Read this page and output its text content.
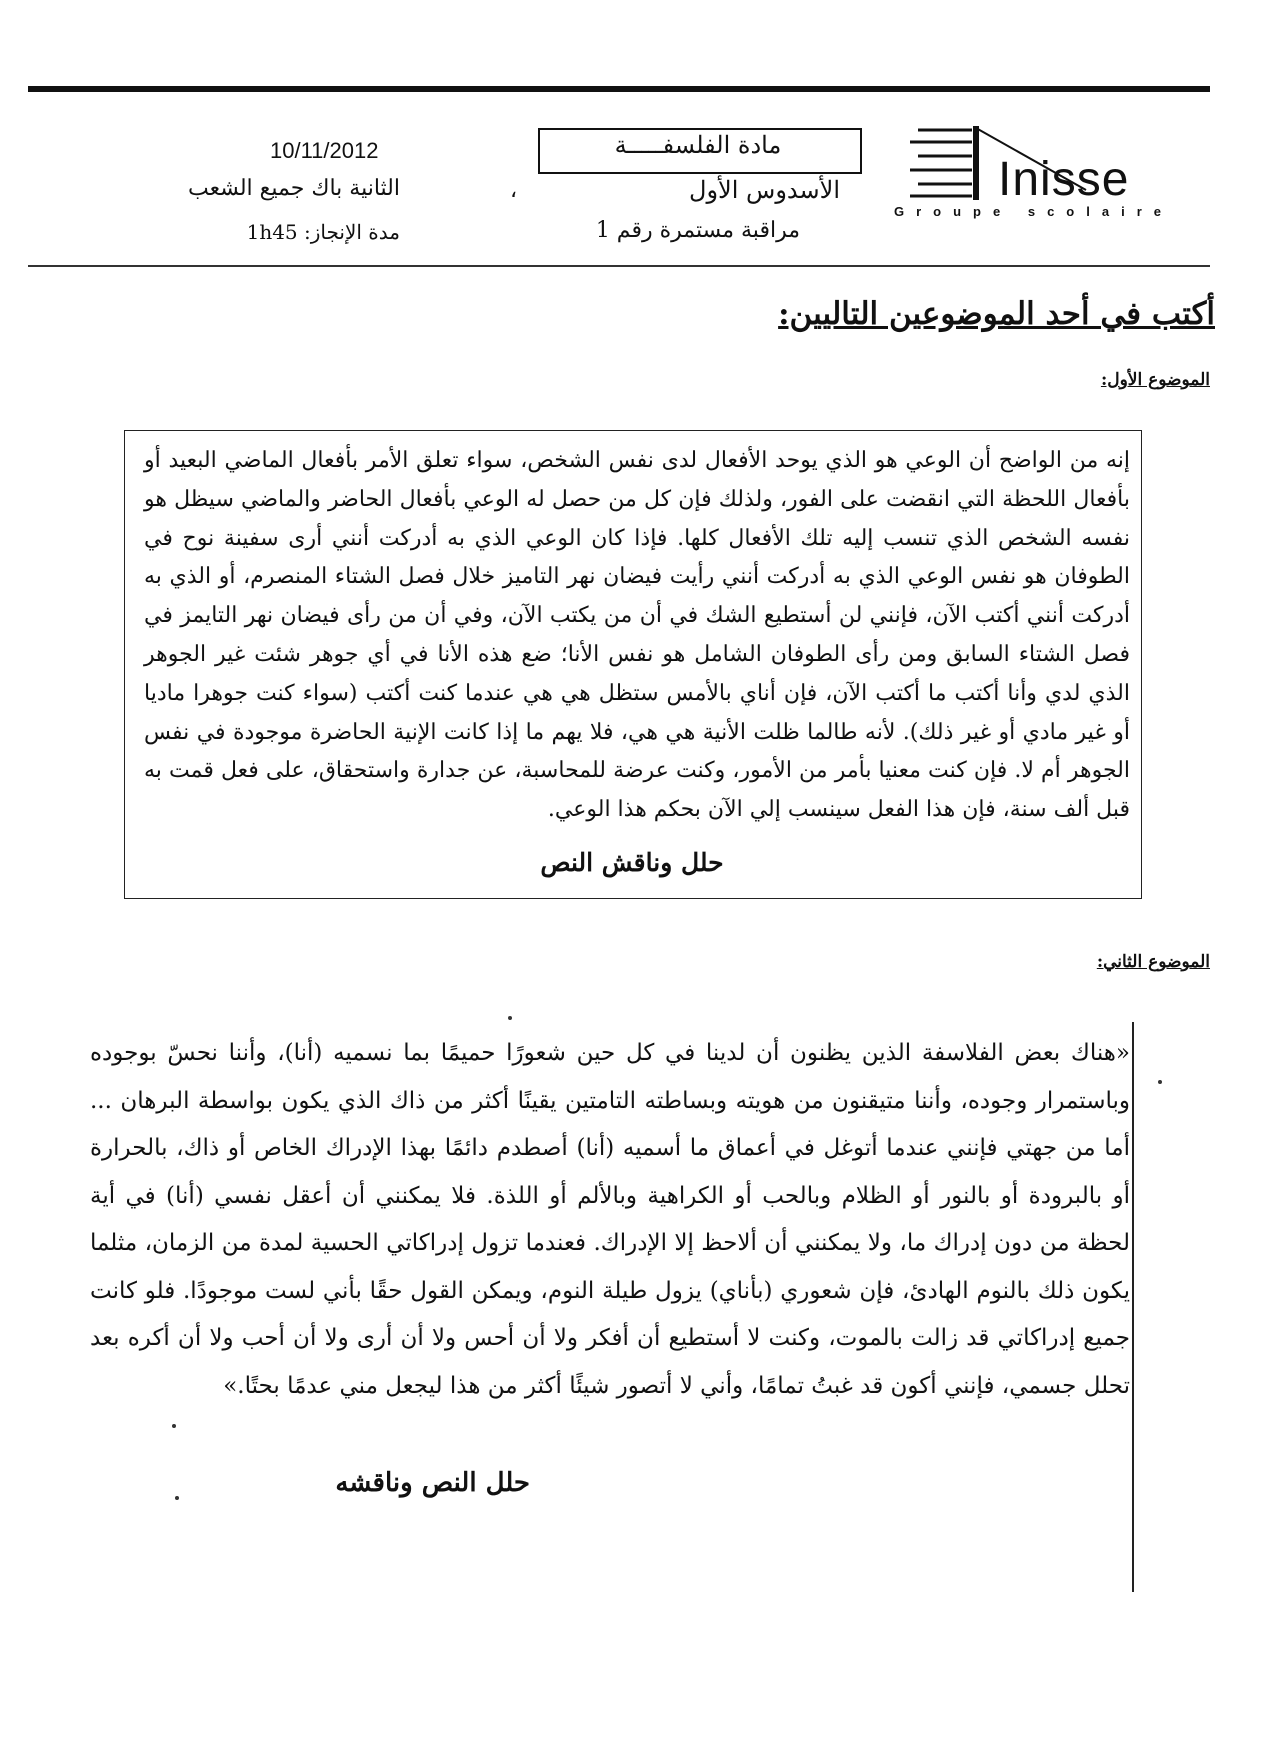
Inisse
Groupe scolaire
مادة الفلسفـــــة
الأسدوس الأول
،
مراقبة مستمرة رقم 1
10/11/2012
الثانية باك جميع الشعب
مدة الإنجاز: 1h45
أكتب في أحد الموضوعين التاليين:
الموضوع الأول:
إنه من الواضح أن الوعي هو الذي يوحد الأفعال لدى نفس الشخص، سواء تعلق الأمر بأفعال الماضي البعيد أو بأفعال اللحظة التي انقضت على الفور، ولذلك فإن كل من حصل له الوعي بأفعال الحاضر والماضي سيظل هو نفسه الشخص الذي تنسب إليه تلك الأفعال كلها. فإذا كان الوعي الذي به أدركت أنني أرى سفينة نوح في الطوفان هو نفس الوعي الذي به أدركت أنني رأيت فيضان نهر التاميز خلال فصل الشتاء المنصرم، أو الذي به أدركت أنني أكتب الآن، فإنني لن أستطيع الشك في أن من يكتب الآن، وفي أن من رأى فيضان نهر التايمز في فصل الشتاء السابق ومن رأى الطوفان الشامل هو نفس الأنا؛ ضع هذه الأنا في أي جوهر شئت غير الجوهر الذي لدي وأنا أكتب ما أكتب الآن، فإن أناي بالأمس ستظل هي هي عندما كنت أكتب (سواء كنت جوهرا ماديا أو غير مادي أو غير ذلك). لأنه طالما ظلت الأنية هي هي، فلا يهم ما إذا كانت الإنية الحاضرة موجودة في نفس الجوهر أم لا. فإن كنت معنيا بأمر من الأمور، وكنت عرضة للمحاسبة، عن جدارة واستحقاق، على فعل قمت به قبل ألف سنة، فإن هذا الفعل سينسب إلي الآن بحكم هذا الوعي.
حلل وناقش النص
الموضوع الثاني:
«هناك بعض الفلاسفة الذين يظنون أن لدينا في كل حين شعورًا حميمًا بما نسميه (أنا)، وأننا نحسّ بوجوده وباستمرار وجوده، وأننا متيقنون من هويته وبساطته التامتين يقينًا أكثر من ذاك الذي يكون بواسطة البرهان ... أما من جهتي فإنني عندما أتوغل في أعماق ما أسميه (أنا) أصطدم دائمًا بهذا الإدراك الخاص أو ذاك، بالحرارة أو بالبرودة أو بالنور أو الظلام وبالحب أو الكراهية وبالألم أو اللذة. فلا يمكنني أن أعقل نفسي (أنا) في أية لحظة من دون إدراك ما، ولا يمكنني أن ألاحظ إلا الإدراك. فعندما تزول إدراكاتي الحسية لمدة من الزمان، مثلما يكون ذلك بالنوم الهادئ، فإن شعوري (بأناي) يزول طيلة النوم، ويمكن القول حقًا بأني لست موجودًا. فلو كانت جميع إدراكاتي قد زالت بالموت، وكنت لا أستطيع أن أفكر ولا أن أحس ولا أن أرى ولا أن أحب ولا أن أكره بعد تحلل جسمي، فإنني أكون قد غبتُ تمامًا، وأني لا أتصور شيئًا أكثر من هذا ليجعل مني عدمًا بحتًا.»
حلل النص وناقشه
